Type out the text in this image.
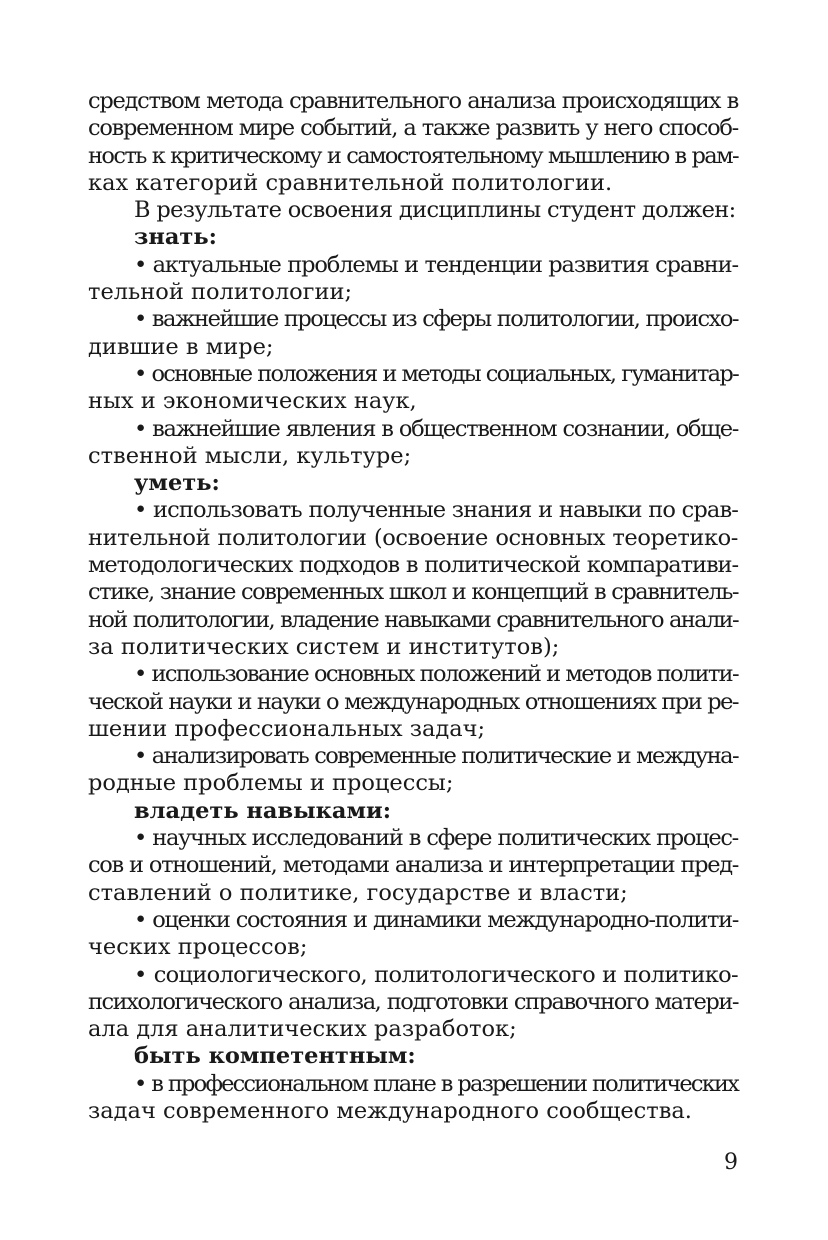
средством метода сравнительного анализа происходящих в
современном мире событий, а также развить у него способ-
ность к критическому и самостоятельному мышлению в рам-
ках категорий сравнительной политологии.
В результате освоения дисциплины студент должен:
знать:
• актуальные проблемы и тенденции развития сравни-
тельной политологии;
• важнейшие процессы из сферы политологии, происхо-
дившие в мире;
• основные положения и методы социальных, гуманитар-
ных и экономических наук,
• важнейшие явления в общественном сознании, обще-
ственной мысли, культуре;
уметь:
• использовать полученные знания и навыки по срав-
нительной политологии (освоение основных теоретико-
методологических подходов в политической компаративи-
стике, знание современных школ и концепций в сравнитель-
ной политологии, владение навыками сравнительного анали-
за политических систем и институтов);
• использование основных положений и методов полити-
ческой науки и науки о международных отношениях при ре-
шении профессиональных задач;
• анализировать современные политические и междуна-
родные проблемы и процессы;
владеть навыками:
• научных исследований в сфере политических процес-
сов и отношений, методами анализа и интерпретации пред-
ставлений о политике, государстве и власти;
• оценки состояния и динамики международно-полити-
ческих процессов;
• социологического, политологического и политико-
психологического анализа, подготовки справочного матери-
ала для аналитических разработок;
быть компетентным:
• в профессиональном плане в разрешении политических
задач современного международного сообщества.
9
